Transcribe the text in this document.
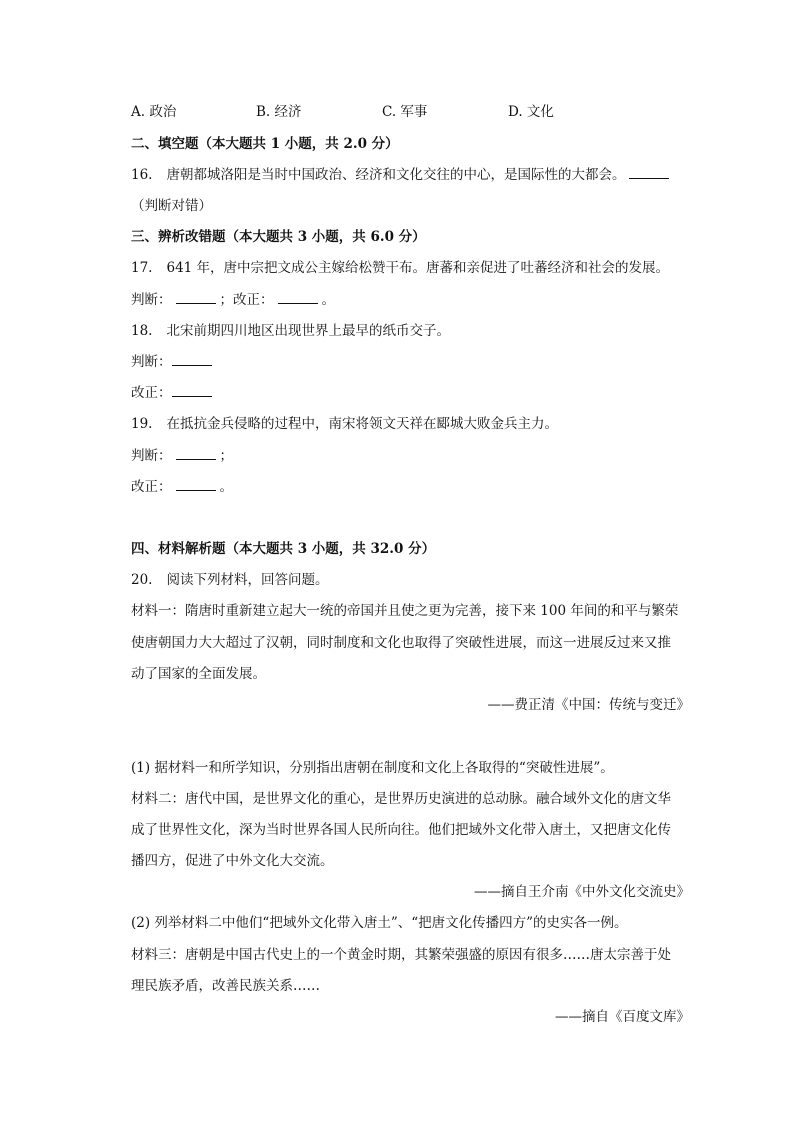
A. 政治	B. 经济	C. 军事	D. 文化
二、填空题（本大题共 1 小题，共 2.0 分）
16. 唐朝都城洛阳是当时中国政治、经济和文化交往的中心，是国际性的大都会。
（判断对错）
三、辨析改错题（本大题共 3 小题，共 6.0 分）
17. 641 年，唐中宗把文成公主嫁给松赞干布。唐蕃和亲促进了吐蕃经济和社会的发展。
判断：	；改正：	。
18. 北宋前期四川地区出现世界上最早的纸币交子。
判断：
改正：
19. 在抵抗金兵侵略的过程中，南宋将领文天祥在郾城大败金兵主力。
判断：	；
改正：	。
四、材料解析题（本大题共 3 小题，共 32.0 分）
20. 阅读下列材料，回答问题。
材料一：隋唐时重新建立起大一统的帝国并且使之更为完善，接下来 100 年间的和平与繁荣
使唐朝国力大大超过了汉朝，同时制度和文化也取得了突破性进展，而这一进展反过来又推
动了国家的全面发展。
——费正清《中国：传统与变迁》
(1) 据材料一和所学知识，分别指出唐朝在制度和文化上各取得的“突破性进展”。
材料二：唐代中国，是世界文化的重心，是世界历史演进的总动脉。融合域外文化的唐文华
成了世界性文化，深为当时世界各国人民所向往。他们把域外文化带入唐土，又把唐文化传
播四方，促进了中外文化大交流。
——摘自王介南《中外文化交流史》
(2) 列举材料二中他们“把域外文化带入唐土”、“把唐文化传播四方”的史实各一例。
材料三：唐朝是中国古代史上的一个黄金时期，其繁荣强盛的原因有很多……唐太宗善于处
理民族矛盾，改善民族关系……
——摘自《百度文库》
